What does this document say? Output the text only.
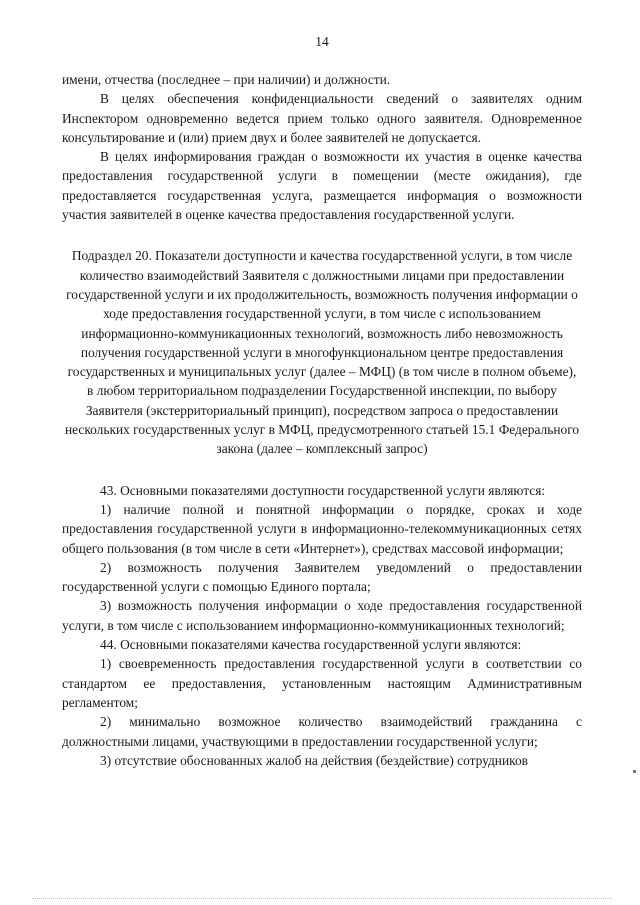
14

имени, отчества (последнее – при наличии) и должности.

В целях обеспечения конфиденциальности сведений о заявителях одним Инспектором одновременно ведется прием только одного заявителя. Одновременное консультирование и (или) прием двух и более заявителей не допускается.

В целях информирования граждан о возможности их участия в оценке качества предоставления государственной услуги в помещении (месте ожидания), где предоставляется государственная услуга, размещается информация о возможности участия заявителей в оценке качества предоставления государственной услуги.

Подраздел 20. Показатели доступности и качества государственной услуги, в том числе количество взаимодействий Заявителя с должностными лицами при предоставлении государственной услуги и их продолжительность, возможность получения информации о ходе предоставления государственной услуги, в том числе с использованием информационно-коммуникационных технологий, возможность либо невозможность получения государственной услуги в многофункциональном центре предоставления государственных и муниципальных услуг (далее – МФЦ) (в том числе в полном объеме), в любом территориальном подразделении Государственной инспекции, по выбору Заявителя (экстерриториальный принцип), посредством запроса о предоставлении нескольких государственных услуг в МФЦ, предусмотренного статьей 15.1 Федерального закона (далее – комплексный запрос)

43. Основными показателями доступности государственной услуги являются:

1) наличие полной и понятной информации о порядке, сроках и ходе предоставления государственной услуги в информационно-телекоммуникационных сетях общего пользования (в том числе в сети «Интернет»), средствах массовой информации;

2) возможность получения Заявителем уведомлений о предоставлении государственной услуги с помощью Единого портала;

3) возможность получения информации о ходе предоставления государственной услуги, в том числе с использованием информационно-коммуникационных технологий;

44. Основными показателями качества государственной услуги являются:

1) своевременность предоставления государственной услуги в соответствии со стандартом ее предоставления, установленным настоящим Административным регламентом;

2) минимально возможное количество взаимодействий гражданина с должностными лицами, участвующими в предоставлении государственной услуги;

3) отсутствие обоснованных жалоб на действия (бездействие) сотрудников
